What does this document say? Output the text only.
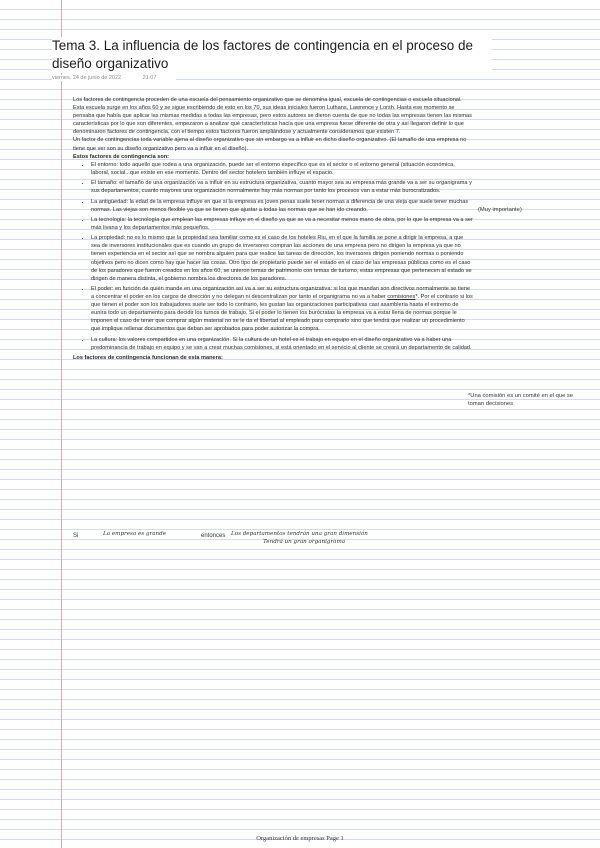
Tema 3. La influencia de los factores de contingencia en el proceso de diseño organizativo
viernes, 24 de junio de 2022	21:07

Los factores de contingencia proceden de una escuela del pensamiento organizativo que se denomina igual, escuela de contingencias o escuela situacional. Esta escuela surge en los años 60 y se sigue escribiendo de esto en los 70, sus ideas iniciales fueron Luthans, Lawrence y Lorsh. Hasta ese momento se pensaba que había que aplicar las mismas medidas a todas las empresas, pero estos autores se dieron cuenta de que no todas las empresas tienen las mismas características por lo que son diferentes, empezaron a analizar qué características hacía que una empresa fuese diferente de otra y así llegaron definir lo que denominaron factores de contingencia, con el tiempo estos factores fueron ampliándose y actualmente consideramos que existen 7.

Un factor de contingencias toda variable ajena al diseño organizativo que sin embargo va a influir en dicho diseño organizativo. (El tamaño de una empresa no tiene que ver son su diseño organizativo pero va a influir en el diseño).

Estos factores de contingencia son:

• El entorno: todo aquello que rodea a una organización, puede ser el entorno específico que es el sector o el entorno general (situación económica, laboral, social...que existe en ese momento. Dentro del sector hotelero también influye el espacio.
• El tamaño: el tamaño de una organización va a influir en su estructura organizativa, cuanto mayor sea su empresa más grande va a ser su organigrama y sus departamentos, cuanto mayores una organización normalmente hay más normas por tanto los procesos van a estar más burocratizados.
• La antigüedad: la edad de la empresa influye en que si la empresa es joven penas suele tener normas a diferencia de una vieja que suele tener muchas normas. Las viejas son menos flexible ya que se tienen que ajustar a todas las normas que se han ido creando.
• La tecnología: la tecnología que emplean las empresas influye en el diseño ya que se va a necesitar menos mano de obra, por lo que la empresa va a ser más livana y los departamentos más pequeños.
• La propiedad: no es lo mismo que la propiedad sea familiar como es el caso de los hoteles Riu, en el que la familia se pone a dirigir la empresa, a que sea de inversores institucionales que es cuando un grupo de inversores compran las acciones de una empresa pero no dirigen la empresa ya que no tienen experiencia en el sector así que se nombra alguien para que realice las tareas de dirección, los inversores dirigen poniendo normas o poniendo objetivos pero no dicen como hay que hacer las cosas. Otro tipo de propietario puede ser el estado en el caso de las empresas públicas como es el caso de los paradores que fueron creados en los años 60, se unieron temas de patrimonio con temas de turismo, estas empresas que pertenecen al estado se dirigen de manera distinta, el gobierno nombra los directores de los paradores.
• El poder: en función de quién mande en una organización así va a ser su estructura organizativa: si los que mandan son directivos normalmente se tiene a concentrar el poder en los cargos de dirección y no delegan ni descentralizan por tanto el organigrama no va a haber comisiones*. Por el contrario si los que tienen el poder son los trabajadores suele ser todo lo contrario, les gustan las organizaciones participativas casi asambleria hasta el extremo de eunira todo un departamento para decidir los turnos de trabajo. Si el poder lo tienen los burócratas la empresa va a estar llena de normas porque le imponen el caso de tener que comprar algún material no se le da el libertad al empleado para comprarlo sino que tendrá que realizar un procedimiento que implique rellenar documentos que deban ser aprobados para poder autorizar la compra.
• La cultura: los valores compartidos en una organización. Si la cultura de un hotel es el trabajo en equipo en el diseño organizativo va a haber una predominancia de trabajo en equipo y se van a crear muchas comisiones, si está orientado en el servicio al cliente se creará un departamento de calidad.

Los factores de contingencia funcionan de esta manera:

(Muy importante)
*Una comisión es un comité en el que se toman decisiones
Si	La empresa es grande	entonces Los departamentos tendrán una gran dimensión
Tendrá un gran organigrama
Organización de empresas Page 1
